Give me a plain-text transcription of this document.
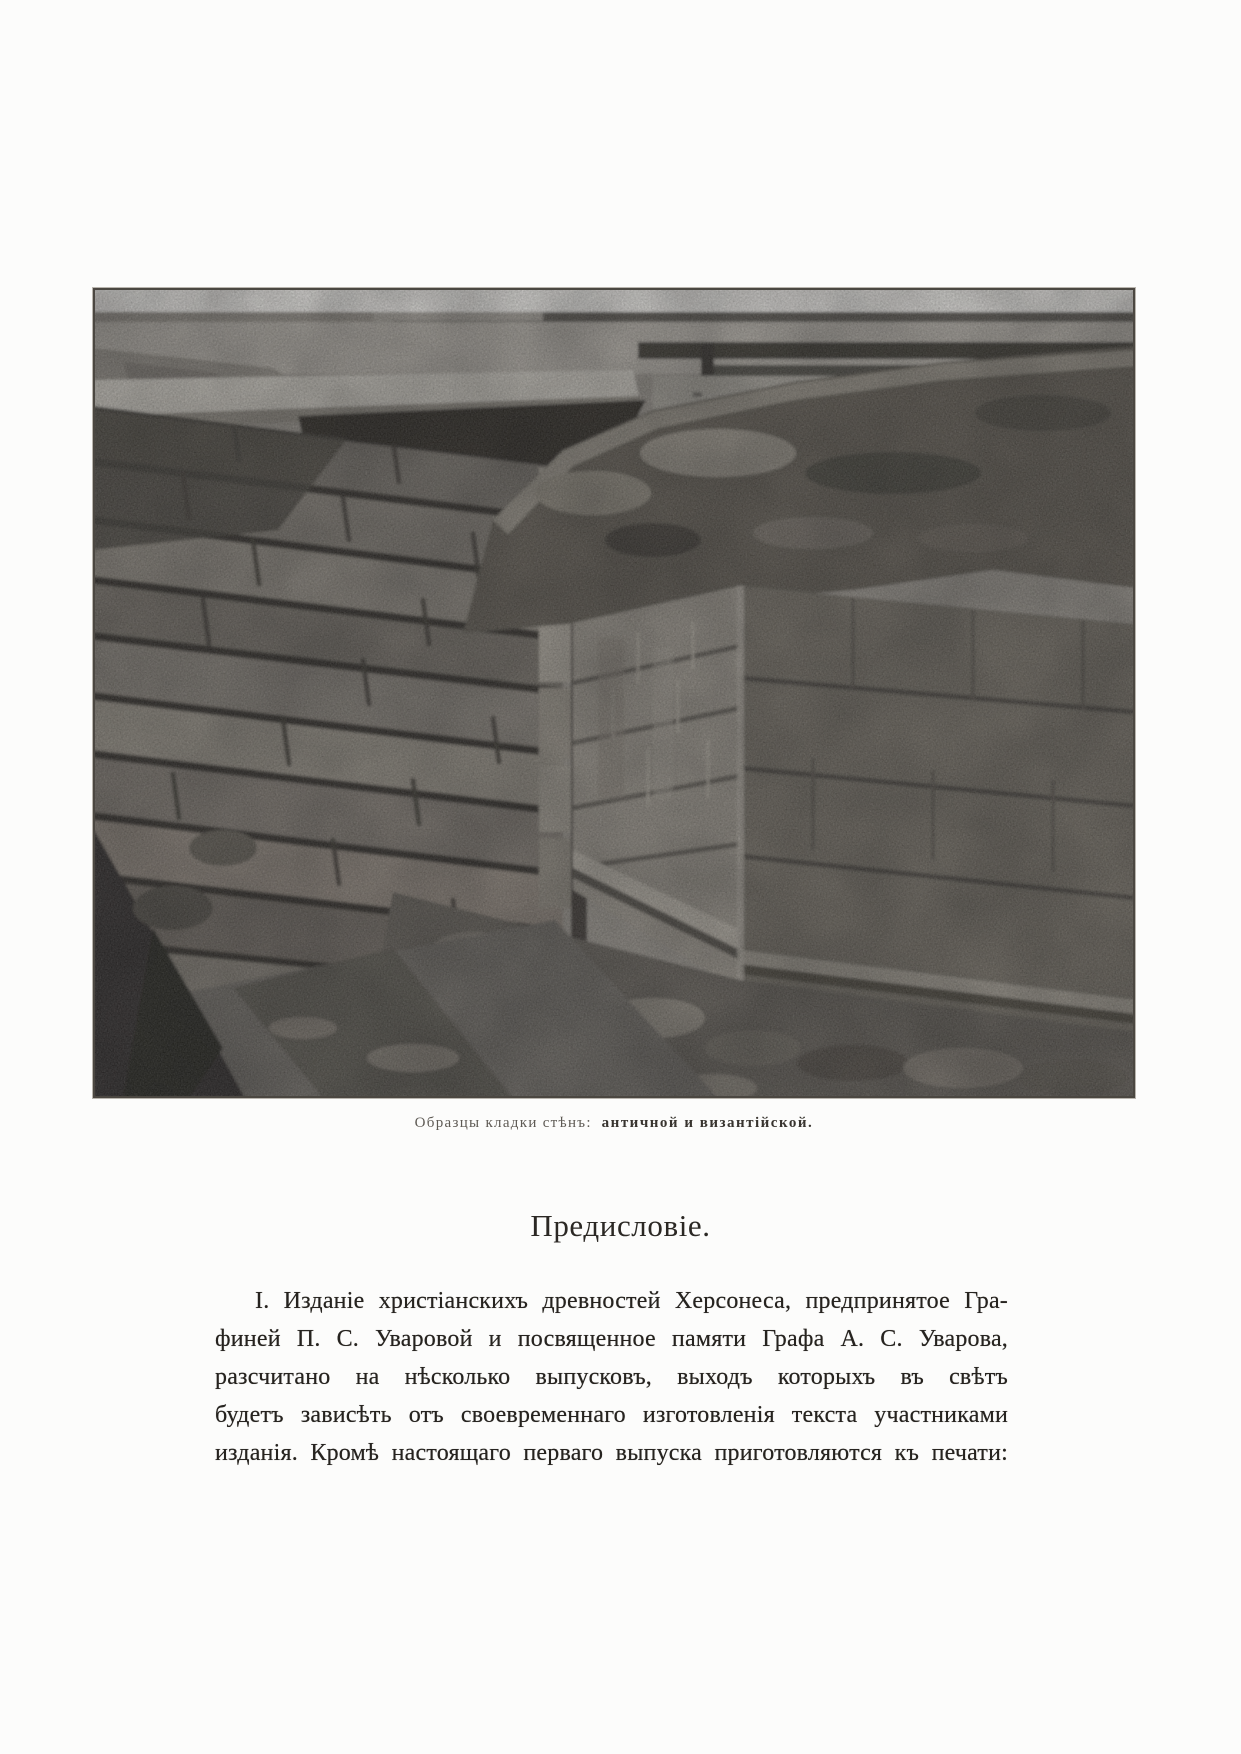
Образцы кладки стѣнъ: античной и византійской.
Предисловіе.
I. Изданіе христіанскихъ древностей Херсонеса, предпринятое Гра-
финей П. С. Уваровой и посвященное памяти Графа А. С. Уварова,
разсчитано на нѣсколько выпусковъ, выходъ которыхъ въ свѣтъ
будетъ зависѣть отъ своевременнаго изготовленія текста участниками
изданія. Кромѣ настоящаго перваго выпуска приготовляются къ печати:
